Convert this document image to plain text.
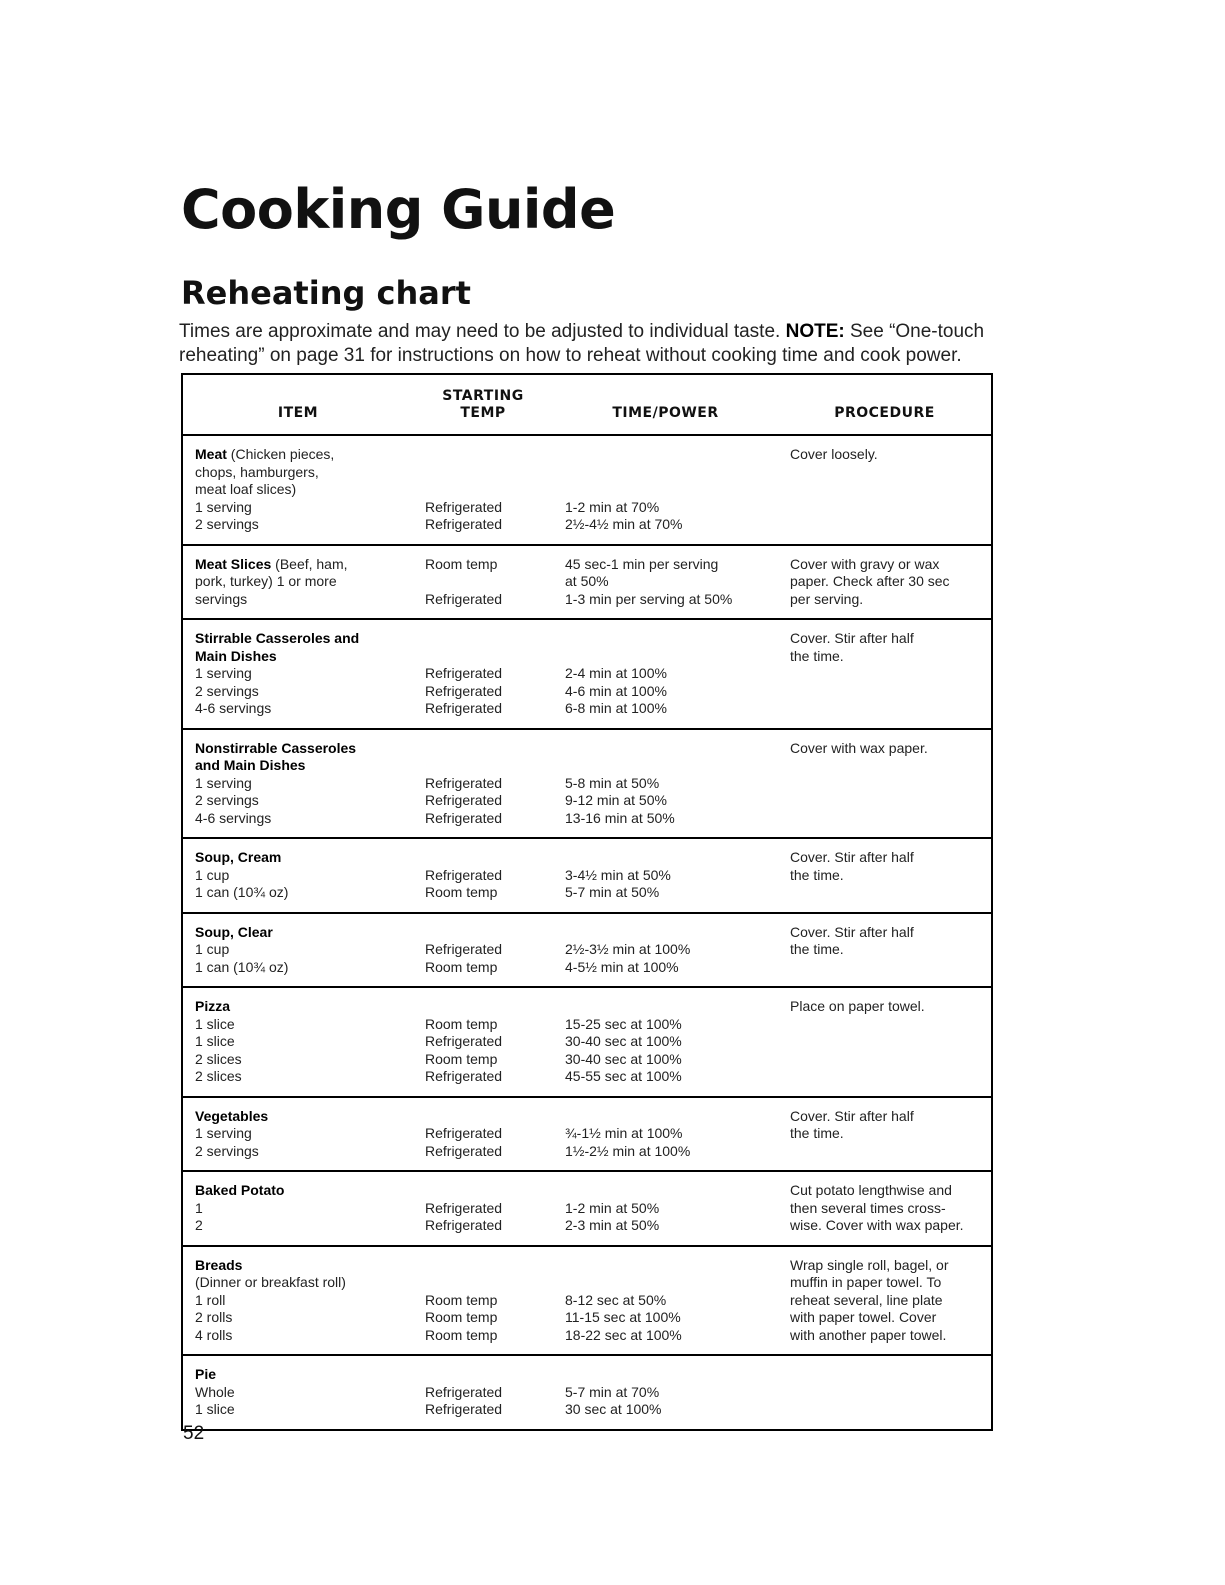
Cooking Guide
Reheating chart

Times are approximate and may need to be adjusted to individual taste. NOTE: See “One-touch reheating” on page 31 for instructions on how to reheat without cooking time and cook power.

ITEM
STARTING
TEMP	TIME/POWER	PROCEDURE
Meat (Chicken pieces,
chops, hamburgers,
meat loaf slices)
1 serving
2 servings
Refrigerated
Refrigerated
1-2 min at 70%
2½-4½ min at 70%
Cover loosely.
Meat Slices (Beef, ham,
pork, turkey) 1 or more
servings
Room temp
Refrigerated
45 sec-1 min per serving
at 50%
1-3 min per serving at 50%
Cover with gravy or wax
paper. Check after 30 sec
per serving.
Stirrable Casseroles and
Main Dishes
1 serving
2 servings
4-6 servings
Refrigerated
Refrigerated
Refrigerated
2-4 min at 100%
4-6 min at 100%
6-8 min at 100%
Cover. Stir after half
the time.
Nonstirrable Casseroles
and Main Dishes
1 serving
2 servings
4-6 servings
Refrigerated
Refrigerated
Refrigerated
5-8 min at 50%
9-12 min at 50%
13-16 min at 50%
Cover with wax paper.
Soup, Cream
1 cup
1 can (10¾ oz)
Refrigerated
Room temp
3-4½ min at 50%
5-7 min at 50%
Cover. Stir after half
the time.
Soup, Clear
1 cup
1 can (10¾ oz)
Refrigerated
Room temp
2½-3½ min at 100%
4-5½ min at 100%
Cover. Stir after half
the time.
Pizza
1 slice
1 slice
2 slices
2 slices
Room temp
Refrigerated
Room temp
Refrigerated
15-25 sec at 100%
30-40 sec at 100%
30-40 sec at 100%
45-55 sec at 100%
Place on paper towel.
Vegetables
1 serving
2 servings
Refrigerated
Refrigerated
¾-1½ min at 100%
1½-2½ min at 100%
Cover. Stir after half
the time.
Baked Potato
1
2
Refrigerated
Refrigerated
1-2 min at 50%
2-3 min at 50%
Cut potato lengthwise and
then several times cross-
wise. Cover with wax paper.
Breads
(Dinner or breakfast roll)
1 roll
2 rolls
4 rolls
Room temp
Room temp
Room temp
8-12 sec at 50%
11-15 sec at 100%
18-22 sec at 100%
Wrap single roll, bagel, or
muffin in paper towel. To
reheat several, line plate
with paper towel. Cover
with another paper towel.
Pie
Whole
1 slice
Refrigerated
Refrigerated
5-7 min at 70%
30 sec at 100%
52
